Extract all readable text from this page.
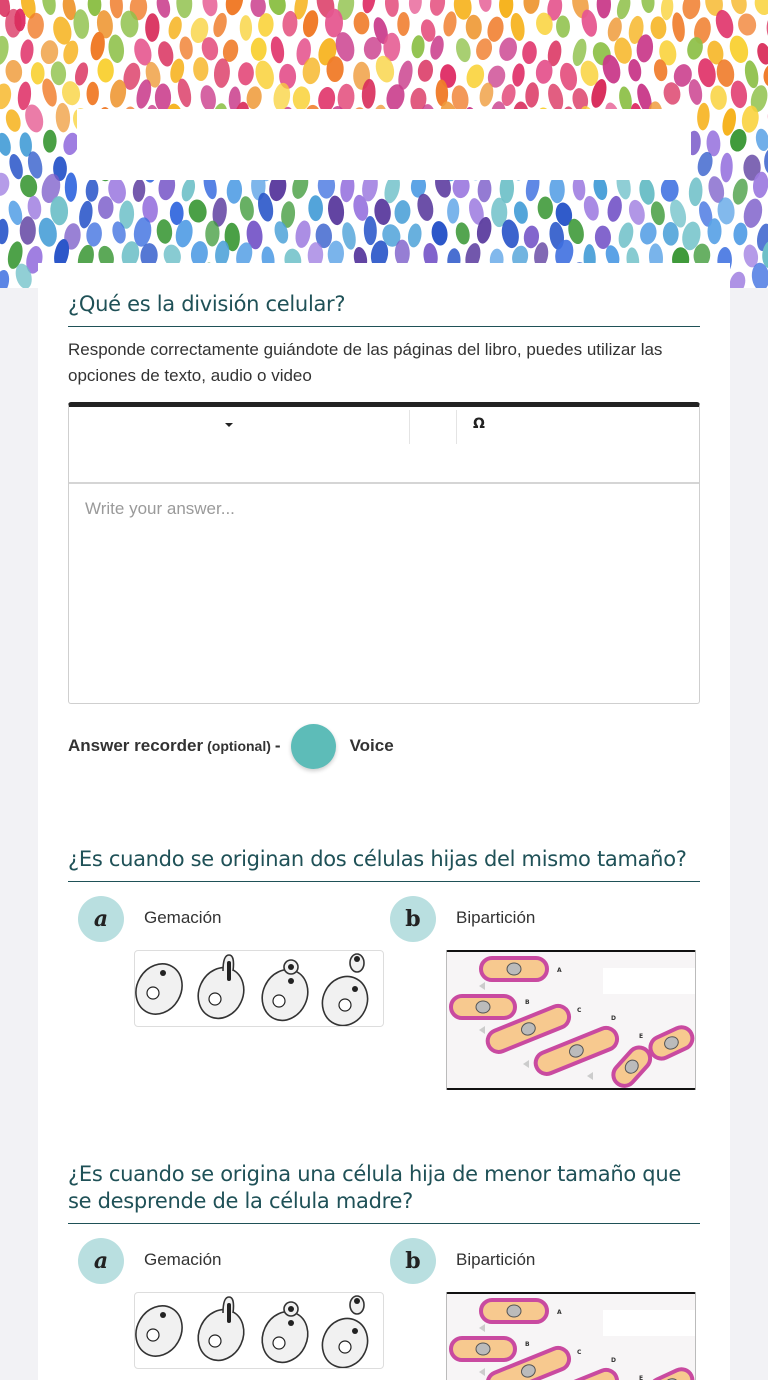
¿Qué es la división celular?
Responde correctamente guiándote de las páginas del libro, puedes utilizar las opciones de texto, audio o video
Ω
Write your answer...
Answer recorder (optional) -	Voice
¿Es cuando se originan dos células hijas del mismo tamaño?
a	Gemación	b	Bipartición
A
B
C
D
E
¿Es cuando se origina una célula hija de menor tamaño que se desprende de la célula madre?
a	Gemación	b	Bipartición
A
B
C
D
E
